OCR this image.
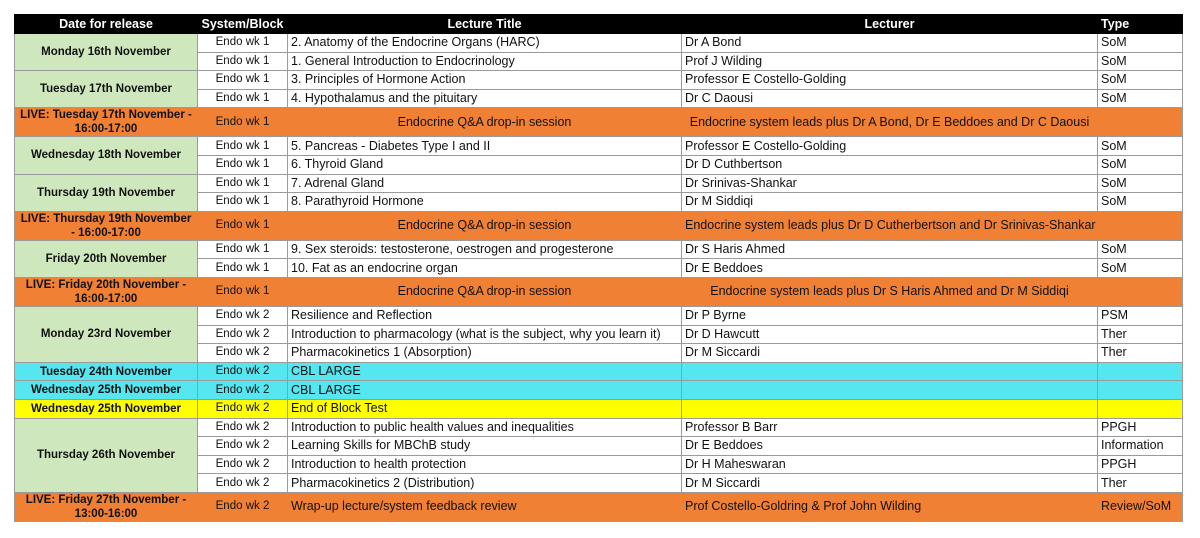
Date for release	System/Block	Lecture Title	Lecturer	Type
Monday 16th November	Endo wk 1	2. Anatomy of the Endocrine Organs (HARC)	Dr A Bond	SoM
	Endo wk 1	1. General Introduction to Endocrinology	Prof J Wilding	SoM
Tuesday 17th November	Endo wk 1	3. Principles of Hormone Action	Professor E Costello-Golding	SoM
	Endo wk 1	4. Hypothalamus and the pituitary	Dr C Daousi	SoM
LIVE: Tuesday 17th November - 16:00-17:00	Endo wk 1	Endocrine Q&A drop-in session	Endocrine system leads plus Dr A Bond, Dr E Beddoes and Dr C Daousi	
Wednesday 18th November	Endo wk 1	5. Pancreas - Diabetes Type I and II	Professor E Costello-Golding	SoM
	Endo wk 1	6. Thyroid Gland	Dr D Cuthbertson	SoM
Thursday 19th November	Endo wk 1	7. Adrenal Gland	Dr Srinivas-Shankar	SoM
	Endo wk 1	8. Parathyroid Hormone	Dr M Siddiqi	SoM
LIVE: Thursday 19th November - 16:00-17:00	Endo wk 1	Endocrine Q&A drop-in session	Endocrine system leads plus Dr D Cutherbertson and Dr Srinivas-Shankar	
Friday 20th November	Endo wk 1	9. Sex steroids: testosterone, oestrogen and progesterone	Dr S Haris Ahmed	SoM
	Endo wk 1	10. Fat as an endocrine organ	Dr E Beddoes	SoM
LIVE: Friday 20th November - 16:00-17:00	Endo wk 1	Endocrine Q&A drop-in session	Endocrine system leads plus Dr S Haris Ahmed and Dr M Siddiqi	
Monday 23rd November	Endo wk 2	Resilience and Reflection	Dr P Byrne	PSM
	Endo wk 2	Introduction to pharmacology (what is the subject, why you learn it)	Dr D Hawcutt	Ther
	Endo wk 2	Pharmacokinetics 1 (Absorption)	Dr M Siccardi	Ther
Tuesday 24th November	Endo wk 2	CBL LARGE		
Wednesday 25th November	Endo wk 2	CBL LARGE		
Wednesday 25th November	Endo wk 2	End of Block Test		
Thursday 26th November	Endo wk 2	Introduction to public health values and inequalities	Professor B Barr	PPGH
	Endo wk 2	Learning Skills for MBChB study	Dr E Beddoes	Information
	Endo wk 2	Introduction to health protection	Dr H Maheswaran	PPGH
	Endo wk 2	Pharmacokinetics 2 (Distribution)	Dr M Siccardi	Ther
LIVE: Friday 27th November - 13:00-16:00	Endo wk 2	Wrap-up lecture/system feedback review	Prof Costello-Goldring & Prof John Wilding	Review/SoM
